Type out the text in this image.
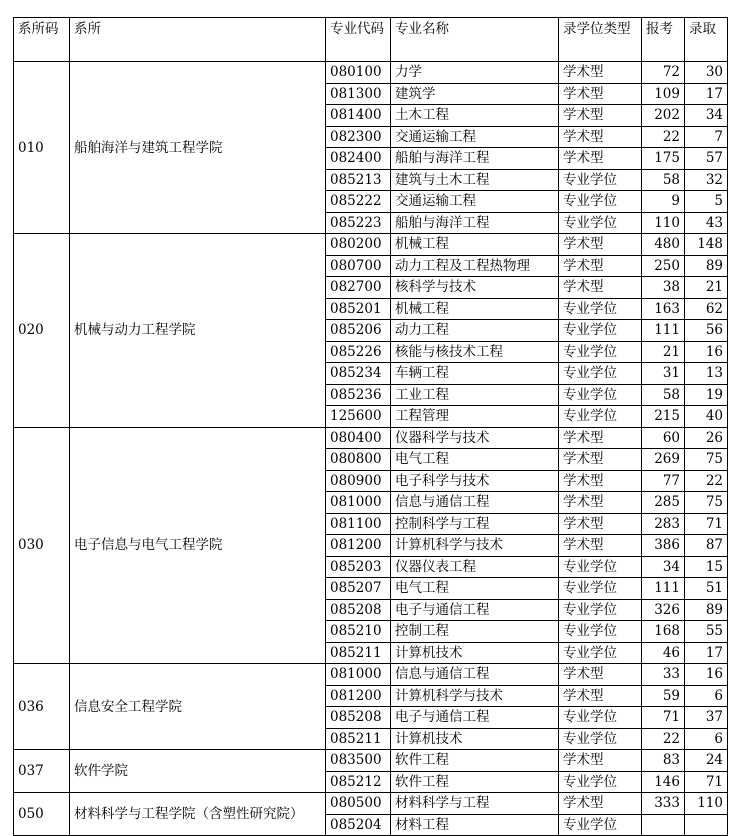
系所码	系所	专业代码	专业名称	录学位类型	报考	录取
010	船舶海洋与建筑工程学院	080100	力学	学术型	72	30
		081300	建筑学	学术型	109	17
		081400	土木工程	学术型	202	34
		082300	交通运输工程	学术型	22	7
		082400	船舶与海洋工程	学术型	175	57
		085213	建筑与土木工程	专业学位	58	32
		085222	交通运输工程	专业学位	9	5
		085223	船舶与海洋工程	专业学位	110	43
020	机械与动力工程学院	080200	机械工程	学术型	480	148
		080700	动力工程及工程热物理	学术型	250	89
		082700	核科学与技术	学术型	38	21
		085201	机械工程	专业学位	163	62
		085206	动力工程	专业学位	111	56
		085226	核能与核技术工程	专业学位	21	16
		085234	车辆工程	专业学位	31	13
		085236	工业工程	专业学位	58	19
		125600	工程管理	专业学位	215	40
030	电子信息与电气工程学院	080400	仪器科学与技术	学术型	60	26
		080800	电气工程	学术型	269	75
		080900	电子科学与技术	学术型	77	22
		081000	信息与通信工程	学术型	285	75
		081100	控制科学与工程	学术型	283	71
		081200	计算机科学与技术	学术型	386	87
		085203	仪器仪表工程	专业学位	34	15
		085207	电气工程	专业学位	111	51
		085208	电子与通信工程	专业学位	326	89
		085210	控制工程	专业学位	168	55
		085211	计算机技术	专业学位	46	17
036	信息安全工程学院	081000	信息与通信工程	学术型	33	16
		081200	计算机科学与技术	学术型	59	6
		085208	电子与通信工程	专业学位	71	37
		085211	计算机技术	专业学位	22	6
037	软件学院	083500	软件工程	学术型	83	24
		085212	软件工程	专业学位	146	71
050	材料科学与工程学院（含塑性研究院）	080500	材料科学与工程	学术型	333	110
		085204	材料工程	专业学位		
